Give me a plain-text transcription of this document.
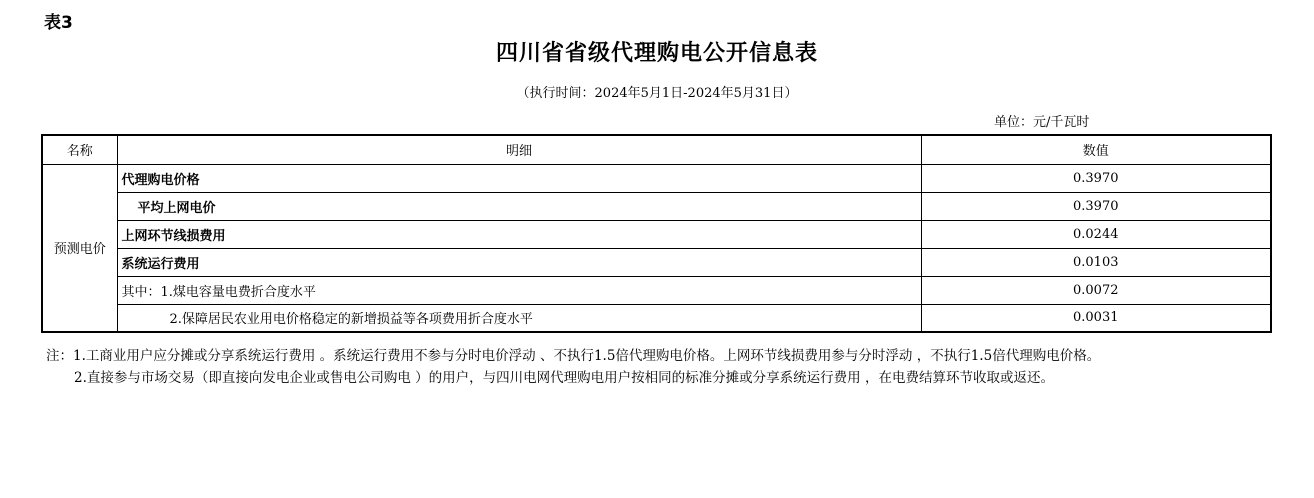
表3
四川省省级代理购电公开信息表
（执行时间：2024年5月1日-2024年5月31日）
单位：元/千瓦时
名称	明细	数值
预测电价	代理购电价格	0.3970
	平均上网电价	0.3970
	上网环节线损费用	0.0244
	系统运行费用	0.0103
	其中：1.煤电容量电费折合度水平	0.0072
	2.保障居民农业用电价格稳定的新增损益等各项费用折合度水平	0.0031

注：1.工商业用户应分摊或分享系统运行费用 。系统运行费用不参与分时电价浮动 、不执行1.5倍代理购电价格。上网环节线损费用参与分时浮动 ，不执行1.5倍代理购电价格。

2.直接参与市场交易（即直接向发电企业或售电公司购电 ）的用户，与四川电网代理购电用户按相同的标准分摊或分享系统运行费用 ，在电费结算环节收取或返还。
